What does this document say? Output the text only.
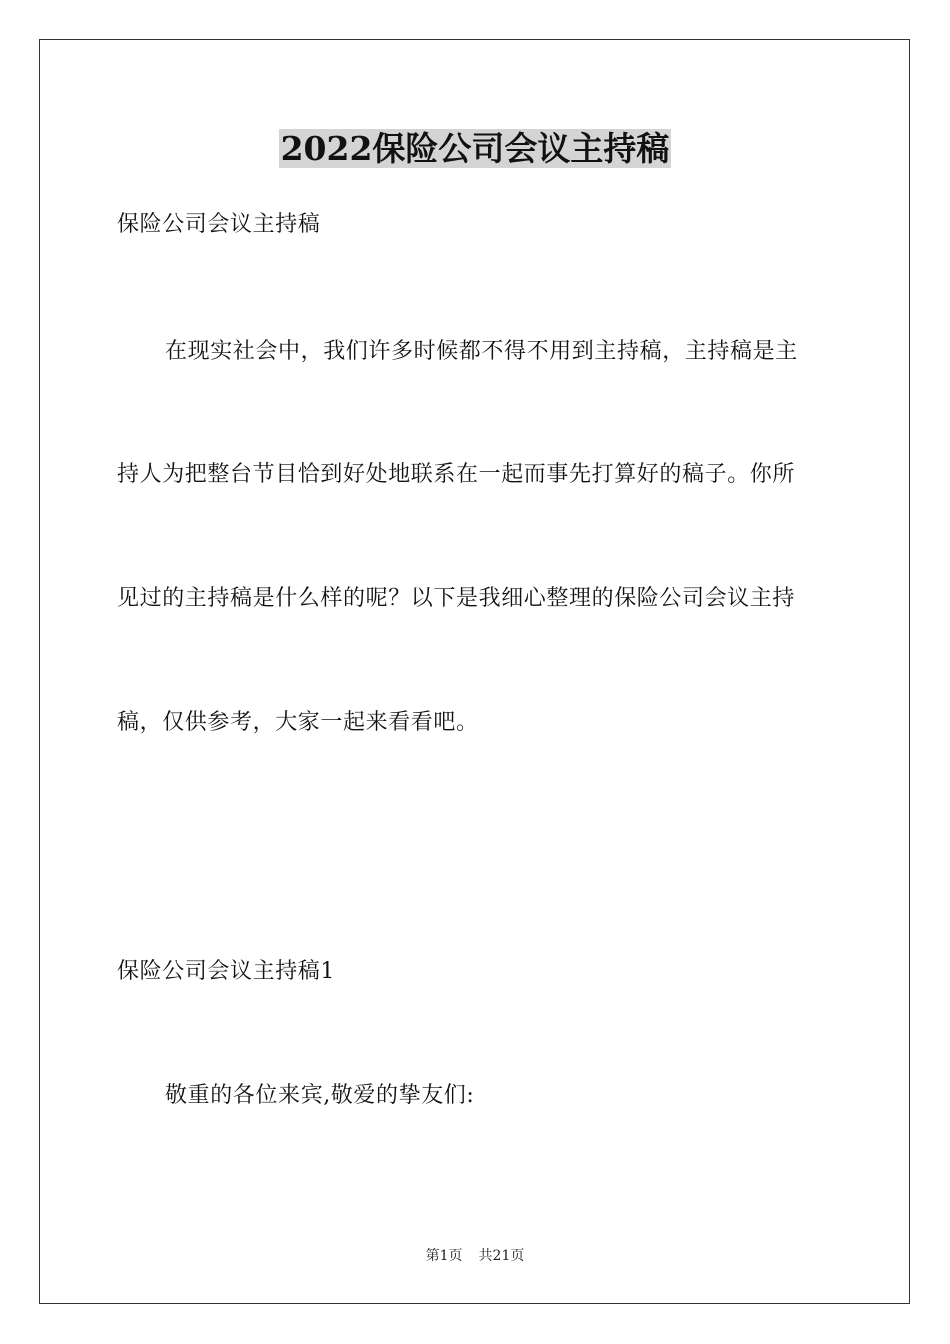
2022保险公司会议主持稿

保险公司会议主持稿

在现实社会中，我们许多时候都不得不用到主持稿，主持稿是主

持人为把整台节目恰到好处地联系在一起而事先打算好的稿子。你所

见过的主持稿是什么样的呢？以下是我细心整理的保险公司会议主持

稿，仅供参考，大家一起来看看吧。

保险公司会议主持稿1

敬重的各位来宾,敬爱的挚友们:

第1页 共21页
